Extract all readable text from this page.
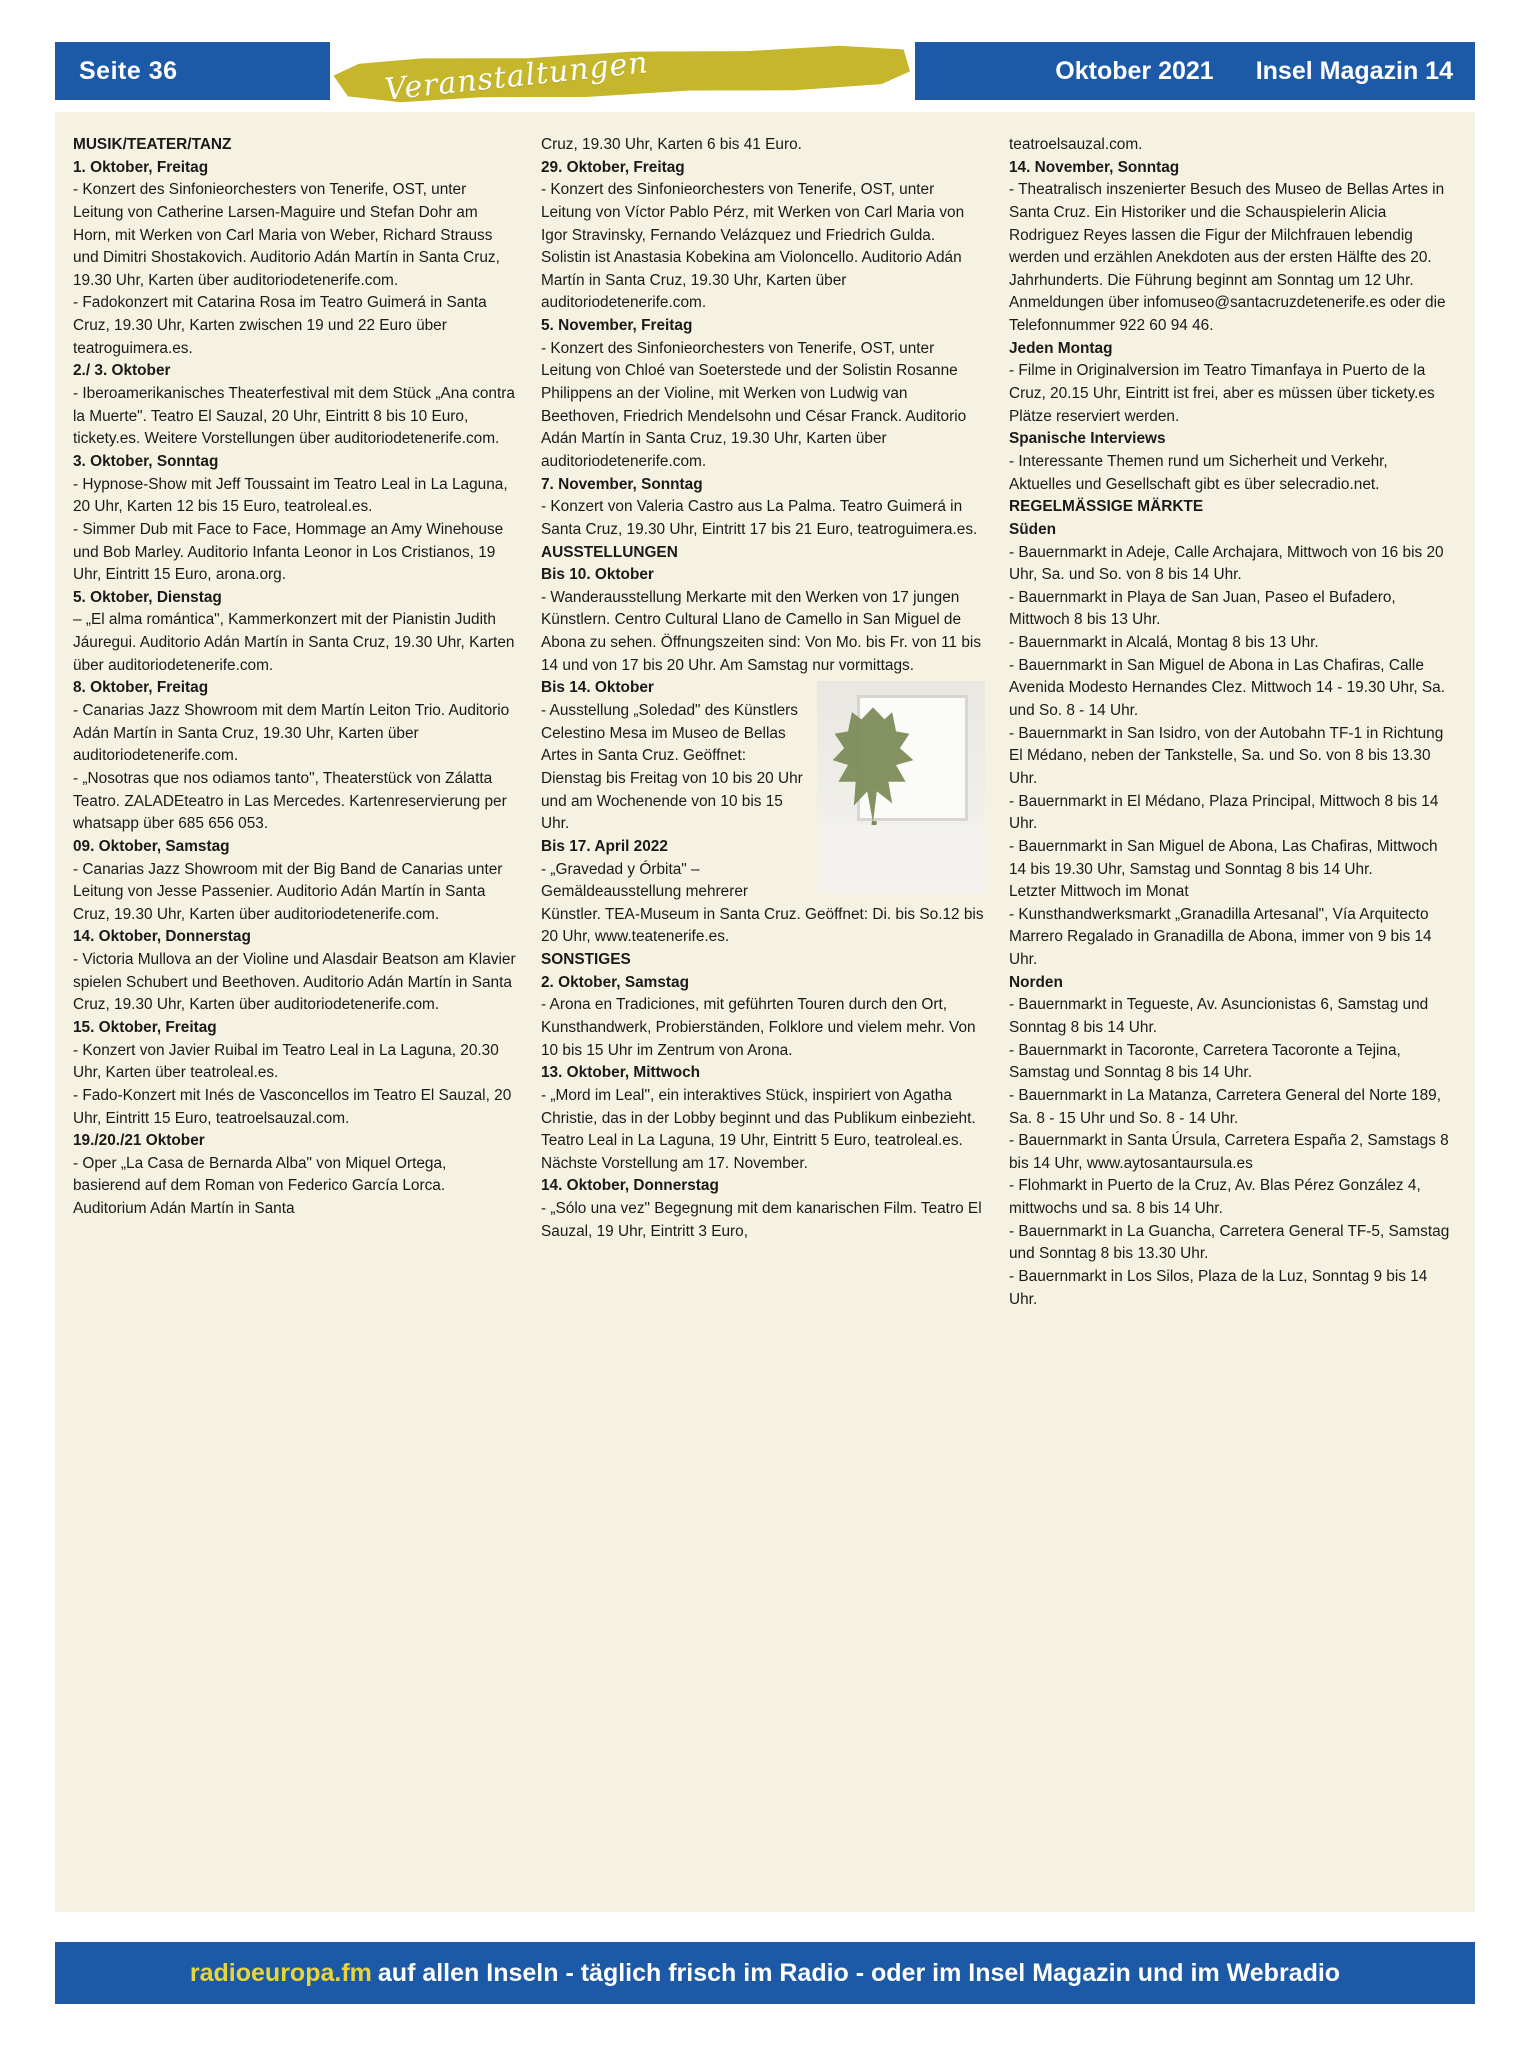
Seite 36	Veranstaltungen	Oktober 2021 Insel Magazin 14

MUSIK/TEATER/TANZ

1. Oktober, Freitag

- Konzert des Sinfonieorchesters von Tenerife, OST, unter Leitung von Catherine Larsen-Maguire und Stefan Dohr am Horn, mit Werken von Carl Maria von Weber, Richard Strauss und Dimitri Shostakovich. Auditorio Adán Martín in Santa Cruz, 19.30 Uhr, Karten über auditoriodetenerife.com.

- Fadokonzert mit Catarina Rosa im Teatro Guimerá in Santa Cruz, 19.30 Uhr, Karten zwischen 19 und 22 Euro über teatroguimera.es.

2./ 3. Oktober

- Iberoamerikanisches Theaterfestival mit dem Stück „Ana contra la Muerte". Teatro El Sauzal, 20 Uhr, Eintritt 8 bis 10 Euro, tickety.es. Weitere Vorstellungen über auditoriodetenerife.com.

3. Oktober, Sonntag

- Hypnose-Show mit Jeff Toussaint im Teatro Leal in La Laguna, 20 Uhr, Karten 12 bis 15 Euro, teatroleal.es.

- Simmer Dub mit Face to Face, Hommage an Amy Winehouse und Bob Marley. Auditorio Infanta Leonor in Los Cristianos, 19 Uhr, Eintritt 15 Euro, arona.org.

5. Oktober, Dienstag

– „El alma romántica", Kammerkonzert mit der Pianistin Judith Jáuregui. Auditorio Adán Martín in Santa Cruz, 19.30 Uhr, Karten über auditoriodetenerife.com.

8. Oktober, Freitag

- Canarias Jazz Showroom mit dem Martín Leiton Trio. Auditorio Adán Martín in Santa Cruz, 19.30 Uhr, Karten über auditoriodetenerife.com.

- „Nosotras que nos odiamos tanto", Theaterstück von Zálatta Teatro. ZALADEteatro in Las Mercedes. Kartenreservierung per whatsapp über 685 656 053.

09. Oktober, Samstag

- Canarias Jazz Showroom mit der Big Band de Canarias unter Leitung von Jesse Passenier. Auditorio Adán Martín in Santa Cruz, 19.30 Uhr, Karten über auditoriodetenerife.com.

14. Oktober, Donnerstag

- Victoria Mullova an der Violine und Alasdair Beatson am Klavier spielen Schubert und Beethoven. Auditorio Adán Martín in Santa Cruz, 19.30 Uhr, Karten über auditoriodetenerife.com.

15. Oktober, Freitag

- Konzert von Javier Ruibal im Teatro Leal in La Laguna, 20.30 Uhr, Karten über teatroleal.es.

- Fado-Konzert mit Inés de Vasconcellos im Teatro El Sauzal, 20 Uhr, Eintritt 15 Euro, teatroelsauzal.com.

19./20./21 Oktober

- Oper „La Casa de Bernarda Alba" von Miquel Ortega, basierend auf dem Roman von Federico García Lorca. Auditorium Adán Martín in Santa

Cruz, 19.30 Uhr, Karten 6 bis 41 Euro.

29. Oktober, Freitag

- Konzert des Sinfonieorchesters von Tenerife, OST, unter Leitung von Víctor Pablo Pérz, mit Werken von Carl Maria von Igor Stravinsky, Fernando Velázquez und Friedrich Gulda. Solistin ist Anastasia Kobekina am Violoncello. Auditorio Adán Martín in Santa Cruz, 19.30 Uhr, Karten über auditoriodetenerife.com.

5. November, Freitag

- Konzert des Sinfonieorchesters von Tenerife, OST, unter Leitung von Chloé van Soeterstede und der Solistin Rosanne Philippens an der Violine, mit Werken von Ludwig van Beethoven, Friedrich Mendelsohn und César Franck. Auditorio Adán Martín in Santa Cruz, 19.30 Uhr, Karten über auditoriodetenerife.com.

7. November, Sonntag

- Konzert von Valeria Castro aus La Palma. Teatro Guimerá in Santa Cruz, 19.30 Uhr, Eintritt 17 bis 21 Euro, teatroguimera.es.

AUSSTELLUNGEN

Bis 10. Oktober

- Wanderausstellung Merkarte mit den Werken von 17 jungen Künstlern. Centro Cultural Llano de Camello in San Miguel de Abona zu sehen. Öffnungszeiten sind: Von Mo. bis Fr. von 11 bis 14 und von 17 bis 20 Uhr. Am Samstag nur vormittags.

Bis 14. Oktober

- Ausstellung „Soledad" des Künstlers Celestino Mesa im Museo de Bellas Artes in Santa Cruz. Geöffnet: Dienstag bis Freitag von 10 bis 20 Uhr und am Wochenende von 10 bis 15 Uhr.

Bis 17. April 2022

- „Gravedad y Órbita" – Gemäldeausstellung mehrerer Künstler. TEA-Museum in Santa Cruz. Geöffnet: Di. bis So.12 bis 20 Uhr, www.teatenerife.es.

SONSTIGES

2. Oktober, Samstag

- Arona en Tradiciones, mit geführten Touren durch den Ort, Kunsthandwerk, Probierständen, Folklore und vielem mehr. Von 10 bis 15 Uhr im Zentrum von Arona.

13. Oktober, Mittwoch

- „Mord im Leal", ein interaktives Stück, inspiriert von Agatha Christie, das in der Lobby beginnt und das Publikum einbezieht. Teatro Leal in La Laguna, 19 Uhr, Eintritt 5 Euro, teatroleal.es. Nächste Vorstellung am 17. November.

14. Oktober, Donnerstag

- „Sólo una vez" Begegnung mit dem kanarischen Film. Teatro El Sauzal, 19 Uhr, Eintritt 3 Euro,

teatroelsauzal.com.

14. November, Sonntag

- Theatralisch inszenierter Besuch des Museo de Bellas Artes in Santa Cruz. Ein Historiker und die Schauspielerin Alicia Rodriguez Reyes lassen die Figur der Milchfrauen lebendig werden und erzählen Anekdoten aus der ersten Hälfte des 20. Jahrhunderts. Die Führung beginnt am Sonntag um 12 Uhr. Anmeldungen über infomuseo@santacruzdetenerife.es oder die Telefonnummer 922 60 94 46.

Jeden Montag

- Filme in Originalversion im Teatro Timanfaya in Puerto de la Cruz, 20.15 Uhr, Eintritt ist frei, aber es müssen über tickety.es Plätze reserviert werden.

Spanische Interviews

- Interessante Themen rund um Sicherheit und Verkehr, Aktuelles und Gesellschaft gibt es über selecradio.net.

REGELMÄSSIGE MÄRKTE

Süden

- Bauernmarkt in Adeje, Calle Archajara, Mittwoch von 16 bis 20 Uhr, Sa. und So. von 8 bis 14 Uhr.

- Bauernmarkt in Playa de San Juan, Paseo el Bufadero, Mittwoch 8 bis 13 Uhr.

- Bauernmarkt in Alcalá, Montag 8 bis 13 Uhr.

- Bauernmarkt in San Miguel de Abona in Las Chafiras, Calle Avenida Modesto Hernandes Clez. Mittwoch 14 - 19.30 Uhr, Sa. und So. 8 - 14 Uhr.

- Bauernmarkt in San Isidro, von der Autobahn TF-1 in Richtung El Médano, neben der Tankstelle, Sa. und So. von 8 bis 13.30 Uhr.

- Bauernmarkt in El Médano, Plaza Principal, Mittwoch 8 bis 14 Uhr.

- Bauernmarkt in San Miguel de Abona, Las Chafiras, Mittwoch 14 bis 19.30 Uhr, Samstag und Sonntag 8 bis 14 Uhr.

Letzter Mittwoch im Monat

- Kunsthandwerksmarkt „Granadilla Artesanal", Vía Arquitecto Marrero Regalado in Granadilla de Abona, immer von 9 bis 14 Uhr.

Norden

- Bauernmarkt in Tegueste, Av. Asuncionistas 6, Samstag und Sonntag 8 bis 14 Uhr.

- Bauernmarkt in Tacoronte, Carretera Tacoronte a Tejina, Samstag und Sonntag 8 bis 14 Uhr.

- Bauernmarkt in La Matanza, Carretera General del Norte 189, Sa. 8 - 15 Uhr und So. 8 - 14 Uhr.

- Bauernmarkt in Santa Úrsula, Carretera España 2, Samstags 8 bis 14 Uhr, www.aytosantaursula.es

- Flohmarkt in Puerto de la Cruz, Av. Blas Pérez González 4, mittwochs und sa. 8 bis 14 Uhr.

- Bauernmarkt in La Guancha, Carretera General TF-5, Samstag und Sonntag 8 bis 13.30 Uhr.

- Bauernmarkt in Los Silos, Plaza de la Luz, Sonntag 9 bis 14 Uhr.

radioeuropa.fm auf allen Inseln - täglich frisch im Radio - oder im Insel Magazin und im Webradio
